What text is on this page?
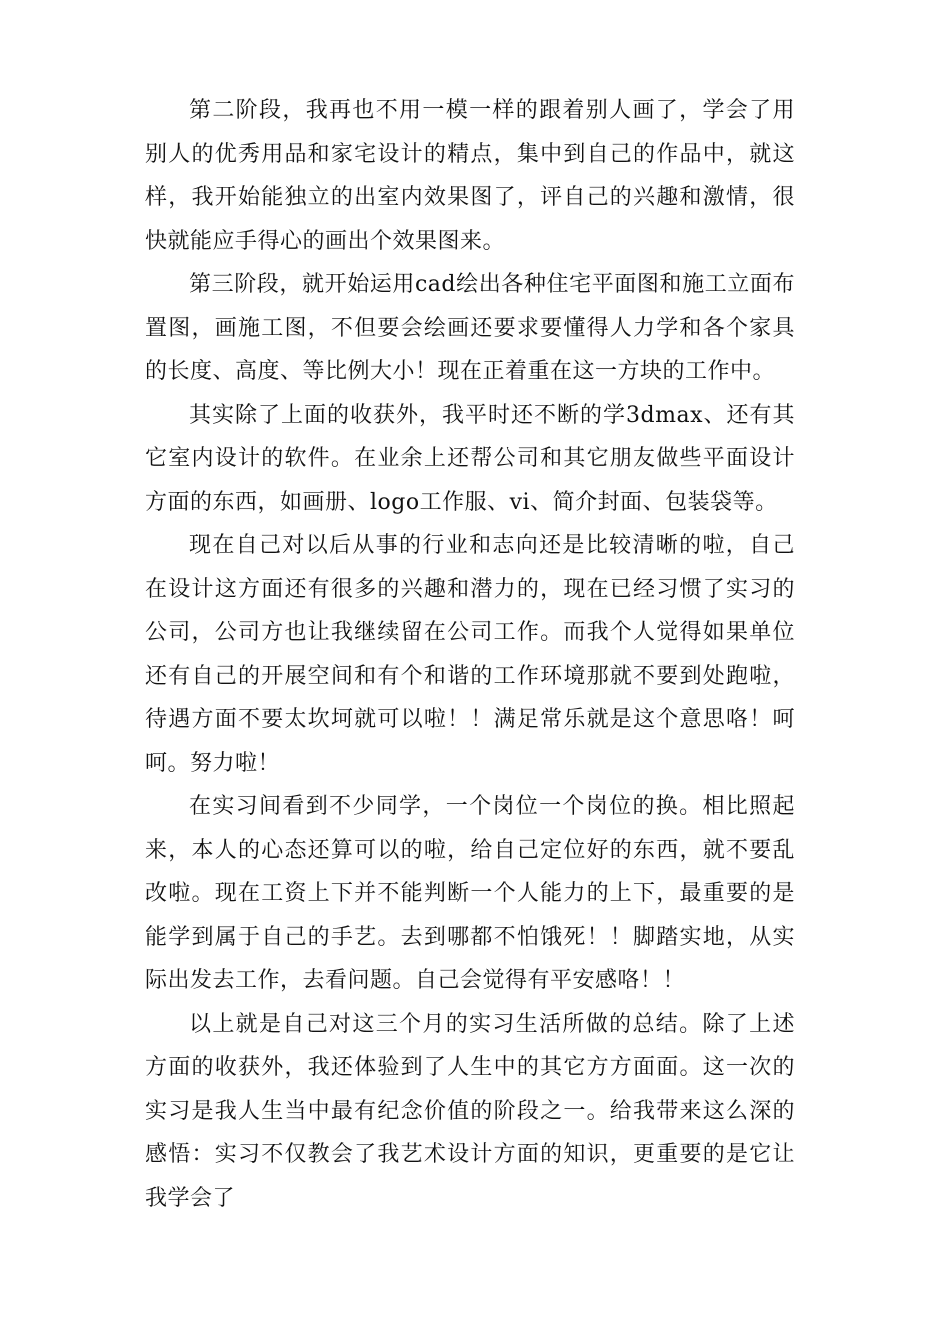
第二阶段，我再也不用一模一样的跟着别人画了，学会了用别人的优秀用品和家宅设计的精点，集中到自己的作品中，就这样，我开始能独立的出室内效果图了，评自己的兴趣和激情，很快就能应手得心的画出个效果图来。

第三阶段，就开始运用cad绘出各种住宅平面图和施工立面布置图，画施工图，不但要会绘画还要求要懂得人力学和各个家具的长度、高度、等比例大小！现在正着重在这一方块的工作中。

其实除了上面的收获外，我平时还不断的学3dmax、还有其它室内设计的软件。在业余上还帮公司和其它朋友做些平面设计方面的东西，如画册、logo工作服、vi、简介封面、包装袋等。

现在自己对以后从事的行业和志向还是比较清晰的啦，自己在设计这方面还有很多的兴趣和潜力的，现在已经习惯了实习的公司，公司方也让我继续留在公司工作。而我个人觉得如果单位还有自己的开展空间和有个和谐的工作环境那就不要到处跑啦，待遇方面不要太坎坷就可以啦！！满足常乐就是这个意思咯！呵呵。努力啦！

在实习间看到不少同学，一个岗位一个岗位的换。相比照起来，本人的心态还算可以的啦，给自己定位好的东西，就不要乱改啦。现在工资上下并不能判断一个人能力的上下，最重要的是能学到属于自己的手艺。去到哪都不怕饿死！！脚踏实地，从实际出发去工作，去看问题。自己会觉得有平安感咯！！

以上就是自己对这三个月的实习生活所做的总结。除了上述方面的收获外，我还体验到了人生中的其它方方面面。这一次的实习是我人生当中最有纪念价值的阶段之一。给我带来这么深的感悟：实习不仅教会了我艺术设计方面的知识，更重要的是它让我学会了
